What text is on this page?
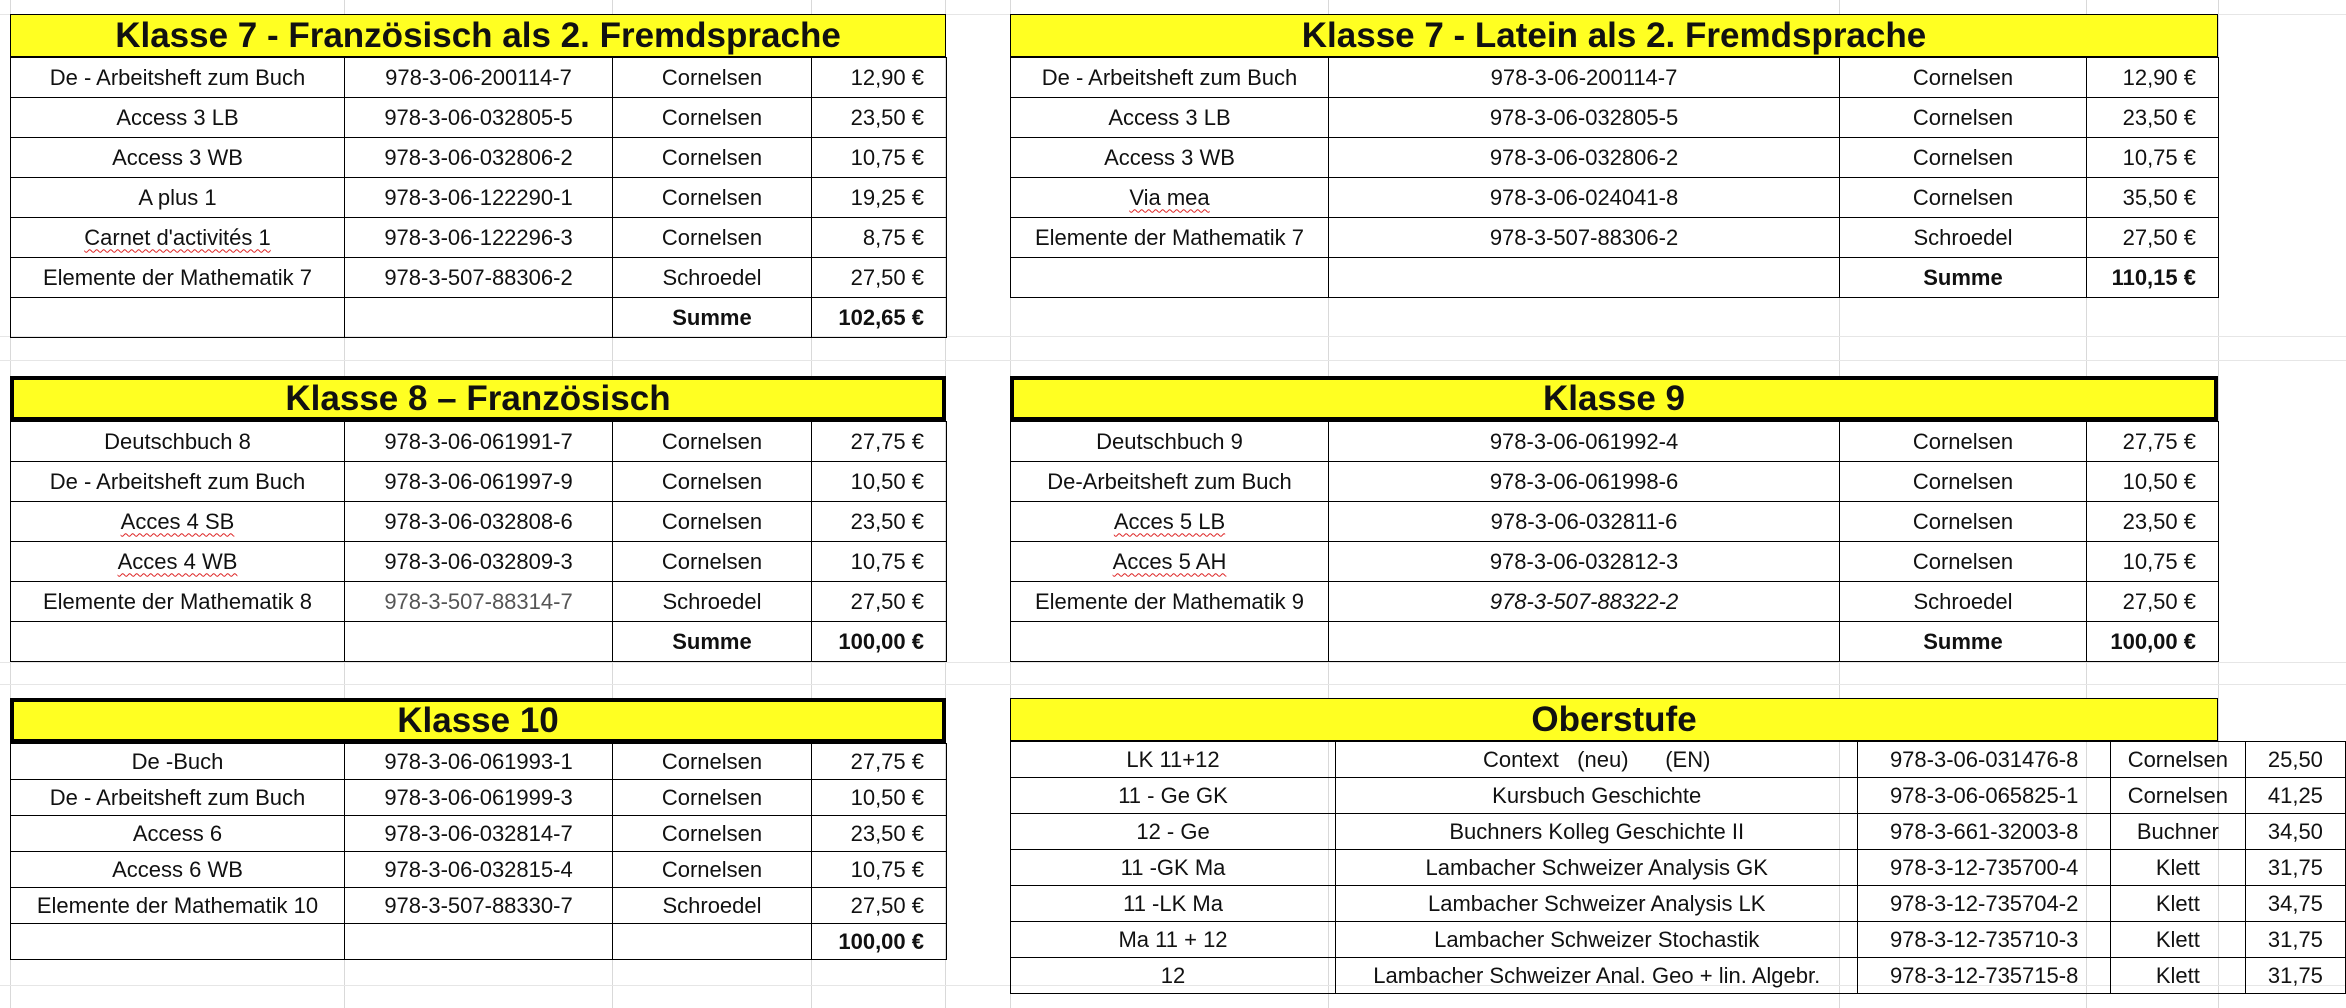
Klasse 7 - Französisch als 2. Fremdsprache
De - Arbeitsheft zum Buch	978-3-06-200114-7	Cornelsen	12,90 €
Access 3 LB	978-3-06-032805-5	Cornelsen	23,50 €
Access 3 WB	978-3-06-032806-2	Cornelsen	10,75 €
A plus 1	978-3-06-122290-1	Cornelsen	19,25 €
Carnet d'activités 1	978-3-06-122296-3	Cornelsen	8,75 €
Elemente der Mathematik 7	978-3-507-88306-2	Schroedel	27,50 €
		Summe	102,65 €
Klasse 7 - Latein als 2. Fremdsprache
De - Arbeitsheft zum Buch	978-3-06-200114-7	Cornelsen	12,90 €
Access 3 LB	978-3-06-032805-5	Cornelsen	23,50 €
Access 3 WB	978-3-06-032806-2	Cornelsen	10,75 €
Via mea	978-3-06-024041-8	Cornelsen	35,50 €
Elemente der Mathematik 7	978-3-507-88306-2	Schroedel	27,50 €
		Summe	110,15 €
Klasse 8 – Französisch
Deutschbuch 8	978-3-06-061991-7	Cornelsen	27,75 €
De - Arbeitsheft zum Buch	978-3-06-061997-9	Cornelsen	10,50 €
Acces 4 SB	978-3-06-032808-6	Cornelsen	23,50 €
Acces 4 WB	978-3-06-032809-3	Cornelsen	10,75 €
Elemente der Mathematik 8	978-3-507-88314-7	Schroedel	27,50 €
		Summe	100,00 €
Klasse 9
Deutschbuch 9	978-3-06-061992-4	Cornelsen	27,75 €
De-Arbeitsheft zum Buch	978-3-06-061998-6	Cornelsen	10,50 €
Acces 5 LB	978-3-06-032811-6	Cornelsen	23,50 €
Acces 5 AH	978-3-06-032812-3	Cornelsen	10,75 €
Elemente der Mathematik 9	978-3-507-88322-2	Schroedel	27,50 €
		Summe	100,00 €
Klasse 10
De -Buch	978-3-06-061993-1	Cornelsen	27,75 €
De - Arbeitsheft zum Buch	978-3-06-061999-3	Cornelsen	10,50 €
Access 6	978-3-06-032814-7	Cornelsen	23,50 €
Access 6 WB	978-3-06-032815-4	Cornelsen	10,75 €
Elemente der Mathematik 10	978-3-507-88330-7	Schroedel	27,50 €
			100,00 €
Oberstufe
LK 11+12	Context   (neu)      (EN)	978-3-06-031476-8	Cornelsen	25,50
11 - Ge GK	Kursbuch Geschichte	978-3-06-065825-1	Cornelsen	41,25
12 - Ge	Buchners Kolleg Geschichte II	978-3-661-32003-8	Buchner	34,50
11 -GK Ma	Lambacher Schweizer Analysis GK	978-3-12-735700-4	Klett	31,75
11 -LK Ma	Lambacher Schweizer Analysis LK	978-3-12-735704-2	Klett	34,75
Ma 11 + 12	Lambacher Schweizer Stochastik	978-3-12-735710-3	Klett	31,75
12	Lambacher Schweizer Anal. Geo + lin. Algebr.	978-3-12-735715-8	Klett	31,75
